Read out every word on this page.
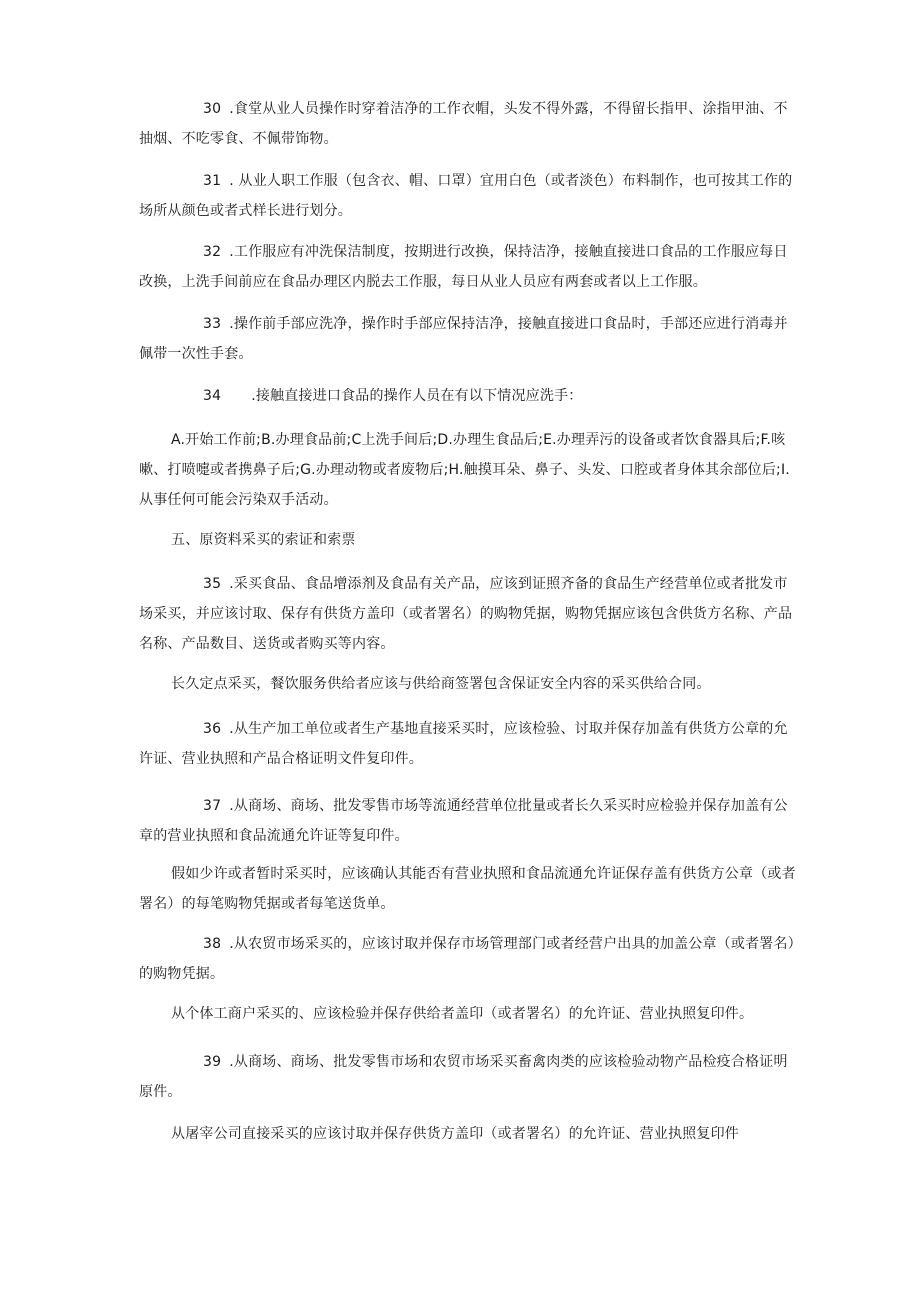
30 .食堂从业人员操作时穿着洁净的工作衣帽，头发不得外露，不得留长指甲、涂指甲油、不抽烟、不吃零食、不佩带饰物。

31 . 从业人职工作服（包含衣、帽、口罩）宜用白色（或者淡色）布料制作，也可按其工作的场所从颜色或者式样长进行划分。

32 .工作服应有冲洗保洁制度，按期进行改换，保持洁净，接触直接进口食品的工作服应每日改换，上洗手间前应在食品办理区内脱去工作服，每日从业人员应有两套或者以上工作服。

33 .操作前手部应洗净，操作时手部应保持洁净，接触直接进口食品时，手部还应进行消毒并佩带一次性手套。

34 .接触直接进口食品的操作人员在有以下情况应洗手：

A.开始工作前;B.办理食品前;C上洗手间后;D.办理生食品后;E.办理弄污的设备或者饮食器具后;F.咳嗽、打喷嚏或者携鼻子后;G.办理动物或者废物后;H.触摸耳朵、鼻子、头发、口腔或者身体其余部位后;I. 从事任何可能会污染双手活动。

五、原资料采买的索证和索票

35 .采买食品、食品增添剂及食品有关产品，应该到证照齐备的食品生产经营单位或者批发市场采买，并应该讨取、保存有供货方盖印（或者署名）的购物凭据，购物凭据应该包含供货方名称、产品名称、产品数目、送货或者购买等内容。

长久定点采买，餐饮服务供给者应该与供给商签署包含保证安全内容的采买供给合同。

36 .从生产加工单位或者生产基地直接采买时，应该检验、讨取并保存加盖有供货方公章的允许证、营业执照和产品合格证明文件复印件。

37 .从商场、商场、批发零售市场等流通经营单位批量或者长久采买时应检验并保存加盖有公章的营业执照和食品流通允许证等复印件。

假如少许或者暂时采买时，应该确认其能否有营业执照和食品流通允许证保存盖有供货方公章（或者署名）的每笔购物凭据或者每笔送货单。

38 .从农贸市场采买的，应该讨取并保存市场管理部门或者经营户出具的加盖公章（或者署名）的购物凭据。

从个体工商户采买的、应该检验并保存供给者盖印（或者署名）的允许证、营业执照复印件。

39 .从商场、商场、批发零售市场和农贸市场采买畜禽肉类的应该检验动物产品检疫合格证明原件。

从屠宰公司直接采买的应该讨取并保存供货方盖印（或者署名）的允许证、营业执照复印件
